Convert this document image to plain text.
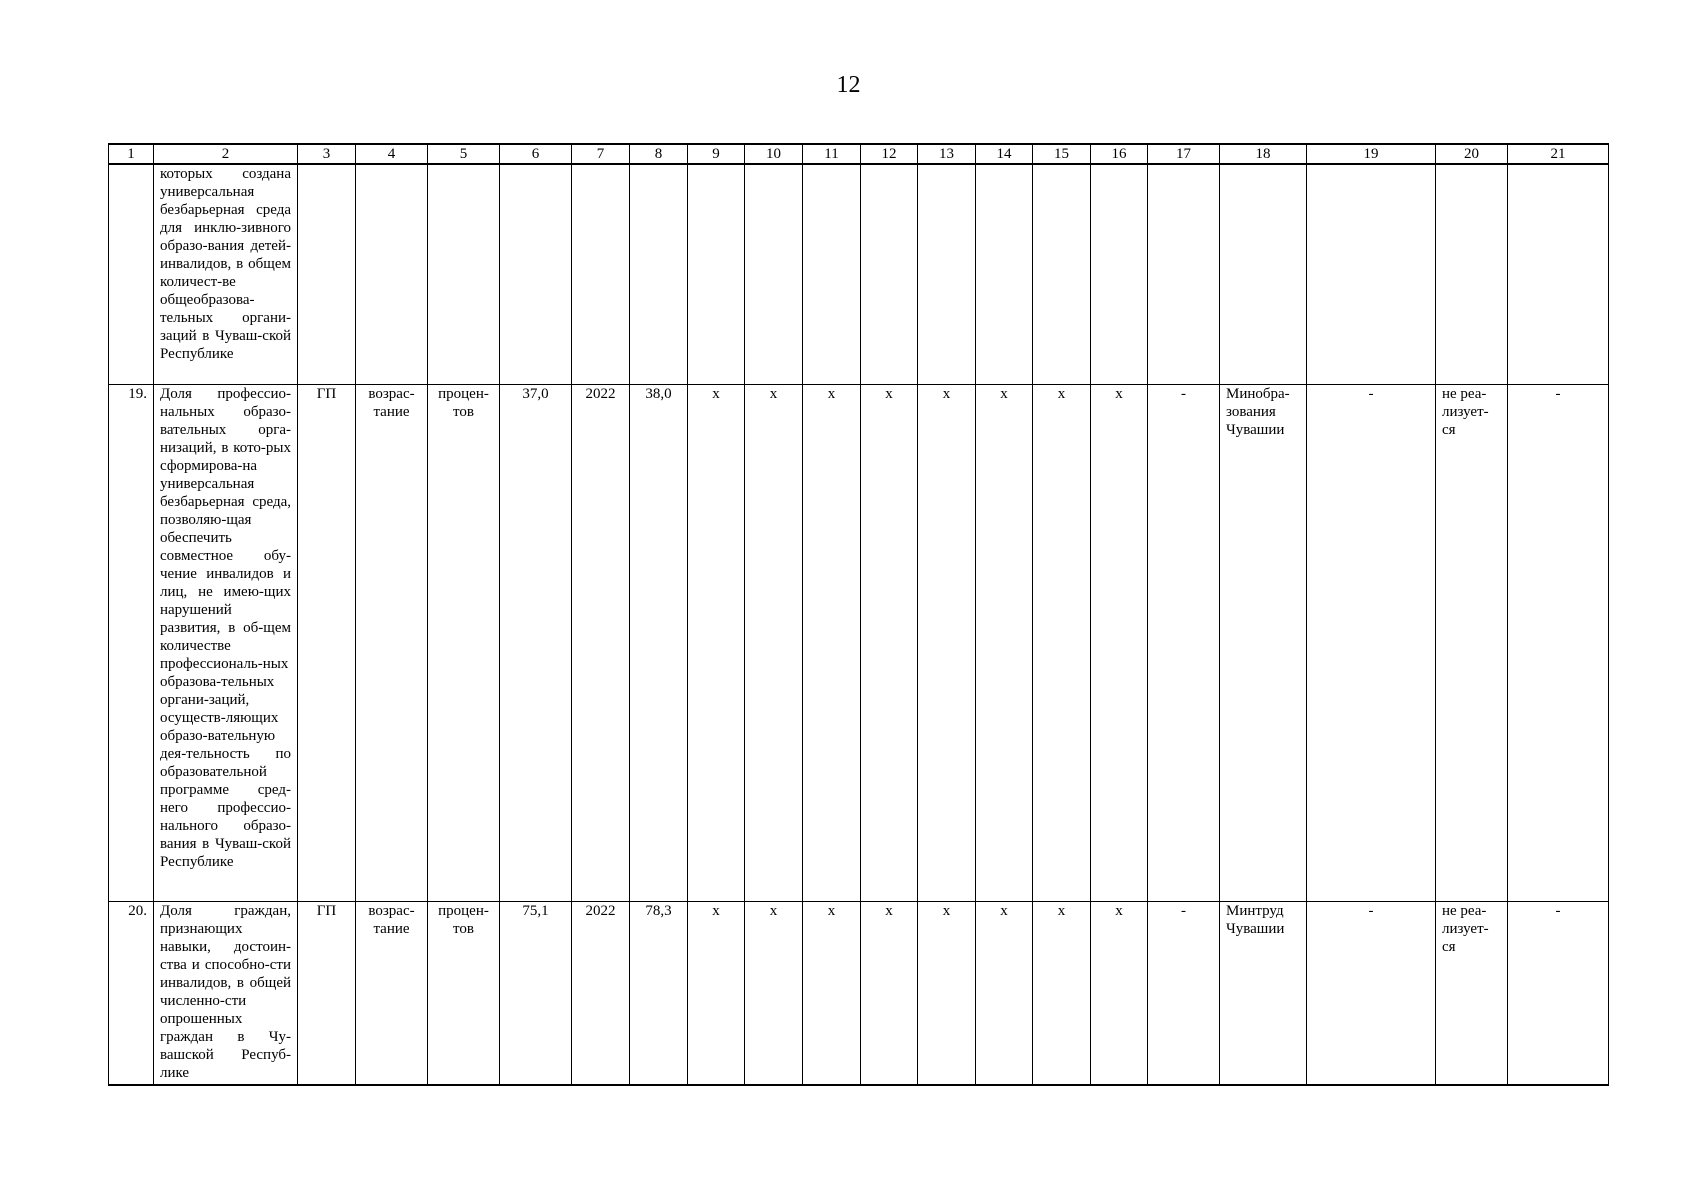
12
1	2	3	4	5	6	7	8	9	10	11	12	13	14	15	16	17	18	19	20	21
	которых создана универсальная безбарьерная среда для инклю-зивного образо-вания детей-инвалидов, в общем количест-ве общеобразова-тельных органи-заций в Чуваш-ской Республике																			
19.	Доля профессио-нальных образо-вательных орга-низаций, в кото-рых сформирова-на универсальная безбарьерная среда, позволяю-щая обеспечить совместное обу-чение инвалидов и лиц, не имею-щих нарушений развития, в об-щем количестве профессиональ-ных образова-тельных органи-заций, осуществ-ляющих образо-вательную дея-тельность по образовательной программе сред-него профессио-нального образо-вания в Чуваш-ской Республике	ГП	возрас-тание	процен-тов	37,0	2022	38,0	х	х	х	х	х	х	х	х	-	Минобра-зования Чувашии	-	не реа-лизует-ся	-
20.	Доля граждан, признающих навыки, достоин-ства и способно-сти инвалидов, в общей численно-сти опрошенных граждан в Чу-вашской Респуб-лике	ГП	возрас-тание	процен-тов	75,1	2022	78,3	х	х	х	х	х	х	х	х	-	Минтруд Чувашии	-	не реа-лизует-ся	-
